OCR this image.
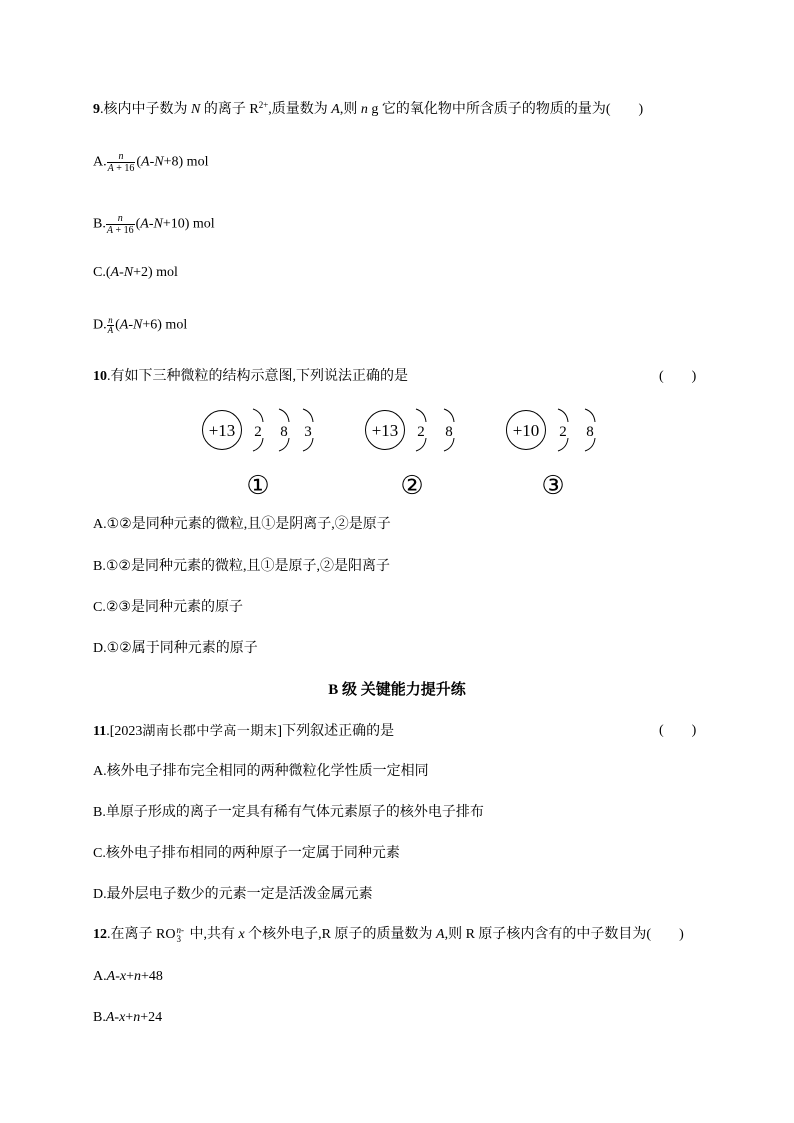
9.核内中子数为 N 的离子 $R^{2+}$,质量数为 A,则 n g 它的氧化物中所含质子的物质的量为(　　)
A. $\frac{n}{A + 16} (A-N+8)$ mol
B. $\frac{n}{A + 16} (A-N+10)$ mol
C.(A-N+2) mol
D. $\frac{n}{A} (A-N+6)$ mol
10.有如下三种微粒的结构示意图,下列说法正确的是	(　　)
+13 2 8 3
①
+13 2 8
②
+10 2 8
③
A.①②是同种元素的微粒,且①是阴离子,②是原子
B.①②是同种元素的微粒,且①是原子,②是阳离子
C.②③是同种元素的原子
D.①②属于同种元素的原子
B 级 关键能力提升练
11.[2023湖南长郡中学高一期末]下列叙述正确的是	(　　)
A.核外电子排布完全相同的两种微粒化学性质一定相同
B.单原子形成的离子一定具有稀有气体元素原子的核外电子排布
C.核外电子排布相同的两种原子一定属于同种元素
D.最外层电子数少的元素一定是活泼金属元素
12.在离子 RO n-
3 中,共有 x 个核外电子,R 原子的质量数为 A,则 R 原子核内含有的中子数目为(　　)
A.A-x+n+48
B.A-x+n+24
